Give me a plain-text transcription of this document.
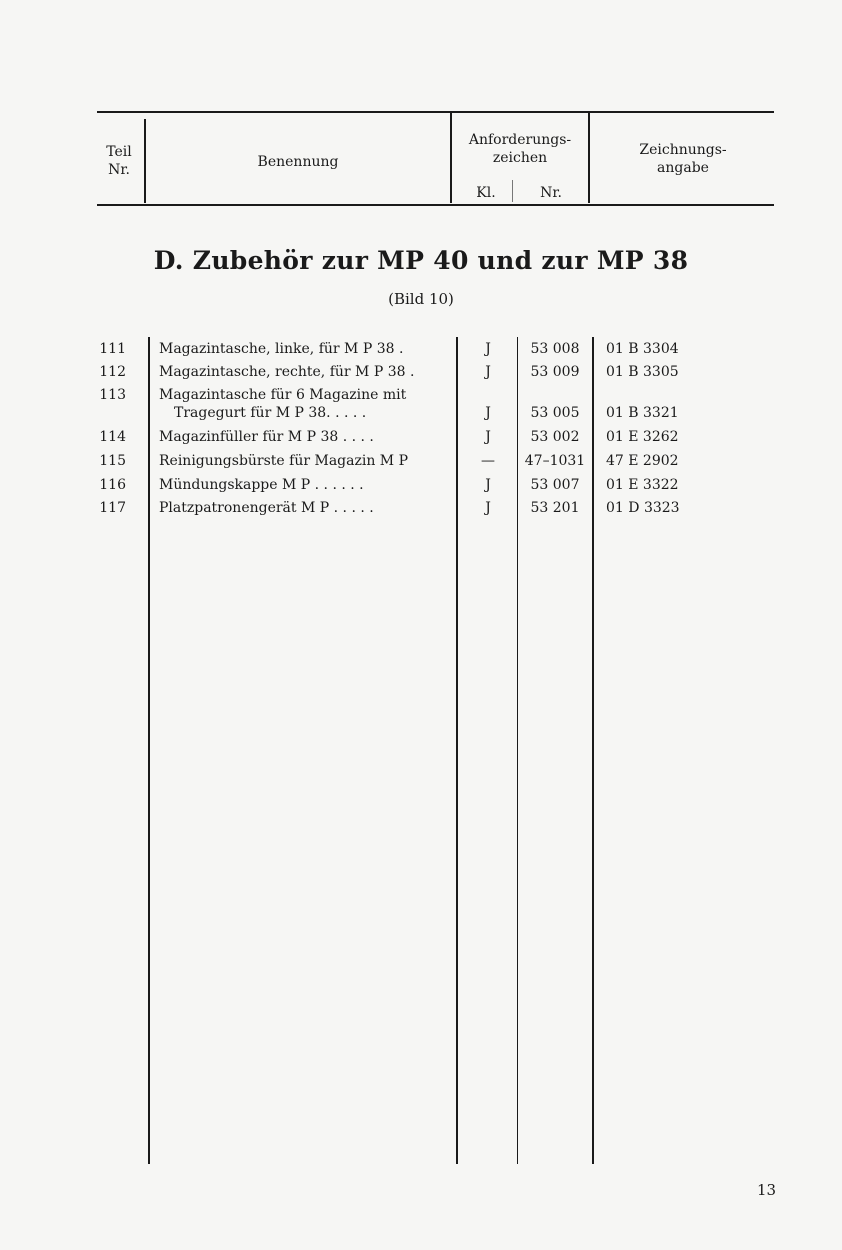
Teil
Nr.	Benennung
Anforderungs-
zeichen
Kl.	Nr.
Zeichnungs-
angabe
D. Zubehör zur MP 40 und zur MP 38
(Bild 10)
111 Magazintasche, linke, für M P 38 .	J	53 008	01 B 3304
112 Magazintasche, rechte, für M P 38 .	J	53 009	01 B 3305
113 Magazintasche für 6 Magazine mit
Tragegurt für M P 38. . . . .	J	53 005	01 B 3321
114 Magazinfüller für M P 38 . . . .	J	53 002	01 E 3262
115 Reinigungsbürste für Magazin M P	—	47–1031	47 E 2902
116 Mündungskappe M P . . . . . .	J	53 007	01 E 3322
117 Platzpatronengerät M P . . . . .	J	53 201	01 D 3323
13
